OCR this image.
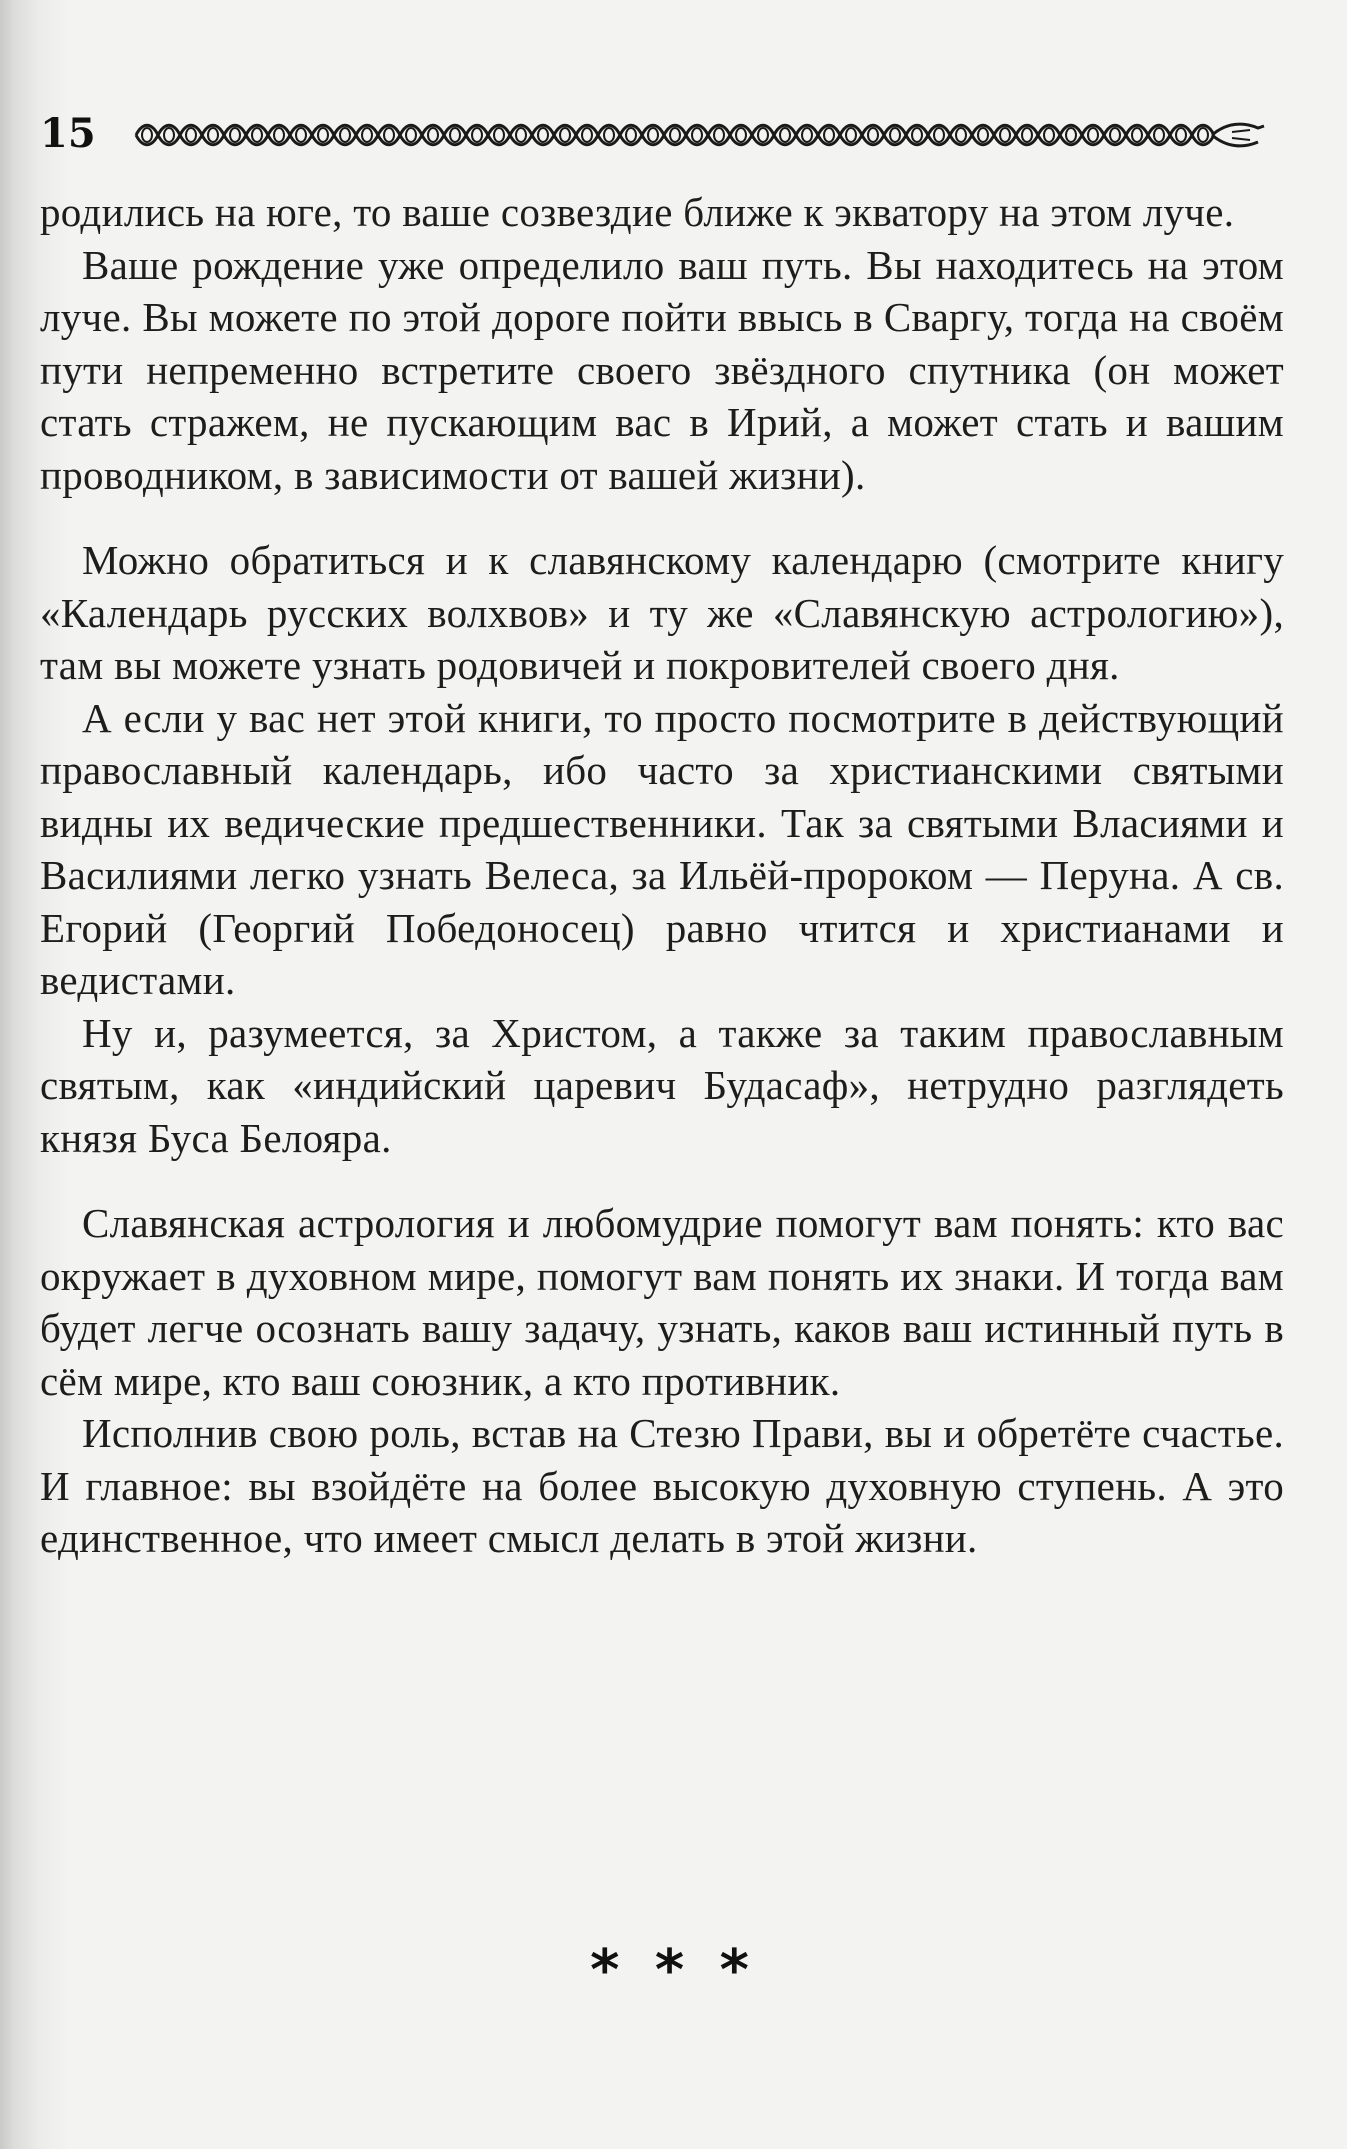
15

родились на юге, то ваше созвездие ближе к экватору на этом луче.

Ваше рождение уже определило ваш путь. Вы находитесь на этом луче. Вы можете по этой дороге пойти ввысь в Сваргу, тогда на своём пути непременно встретите своего звёздного спутника (он может стать стражем, не пускающим вас в Ирий, а может стать и вашим проводником, в зависимости от вашей жизни).

Можно обратиться и к славянскому календарю (смотрите книгу «Календарь русских волхвов» и ту же «Славянскую астрологию»), там вы можете узнать родовичей и покровителей своего дня.

А если у вас нет этой книги, то просто посмотрите в действующий православный календарь, ибо часто за христианскими святыми видны их ведические предшественники. Так за святыми Власиями и Василиями легко узнать Велеса, за Ильёй-пророком — Перуна. А св. Егорий (Георгий Победоносец) равно чтится и христианами и ведистами.

Ну и, разумеется, за Христом, а также за таким православным святым, как «индийский царевич Будасаф», нетрудно разглядеть князя Буса Белояра.

Славянская астрология и любомудрие помогут вам понять: кто вас окружает в духовном мире, помогут вам понять их знаки. И тогда вам будет легче осознать вашу задачу, узнать, каков ваш истинный путь в сём мире, кто ваш союзник, а кто противник.

Исполнив свою роль, встав на Стезю Прави, вы и обретёте счастье. И главное: вы взойдёте на более высокую духовную ступень. А это единственное, что имеет смысл делать в этой жизни.

* * *
